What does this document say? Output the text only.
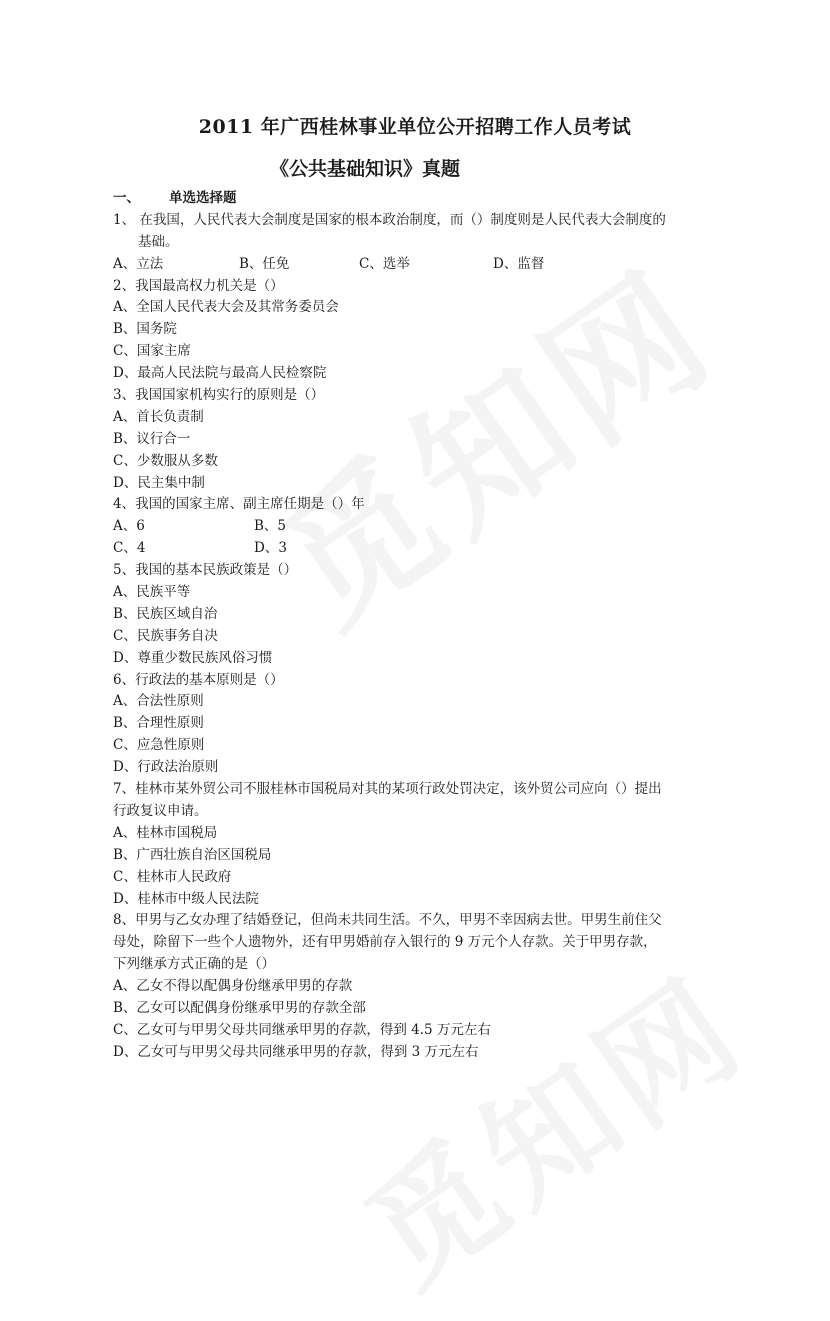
2011 年广西桂林事业单位公开招聘工作人员考试
《公共基础知识》真题
一、 单选选择题
1、 在我国，人民代表大会制度是国家的根本政治制度，而（）制度则是人民代表大会制度的
基础。
A、立法	B、任免	C、选举	D、监督
2、我国最高权力机关是（）
A、全国人民代表大会及其常务委员会
B、国务院
C、国家主席
D、最高人民法院与最高人民检察院
3、我国国家机构实行的原则是（）
A、首长负责制
B、议行合一
C、少数服从多数
D、民主集中制
4、我国的国家主席、副主席任期是（）年
A、6	B、5
C、4	D、3
5、我国的基本民族政策是（）
A、民族平等
B、民族区域自治
C、民族事务自决
D、尊重少数民族风俗习惯
6、行政法的基本原则是（）
A、合法性原则
B、合理性原则
C、应急性原则
D、行政法治原则
7、桂林市某外贸公司不服桂林市国税局对其的某项行政处罚决定，该外贸公司应向（）提出
行政复议申请。
A、桂林市国税局
B、广西壮族自治区国税局
C、桂林市人民政府
D、桂林市中级人民法院
8、甲男与乙女办理了结婚登记，但尚未共同生活。不久，甲男不幸因病去世。甲男生前住父
母处，除留下一些个人遗物外，还有甲男婚前存入银行的 9 万元个人存款。关于甲男存款，
下列继承方式正确的是（）
A、乙女不得以配偶身份继承甲男的存款
B、乙女可以配偶身份继承甲男的存款全部
C、乙女可与甲男父母共同继承甲男的存款，得到 4.5 万元左右
D、乙女可与甲男父母共同继承甲男的存款，得到 3 万元左右
